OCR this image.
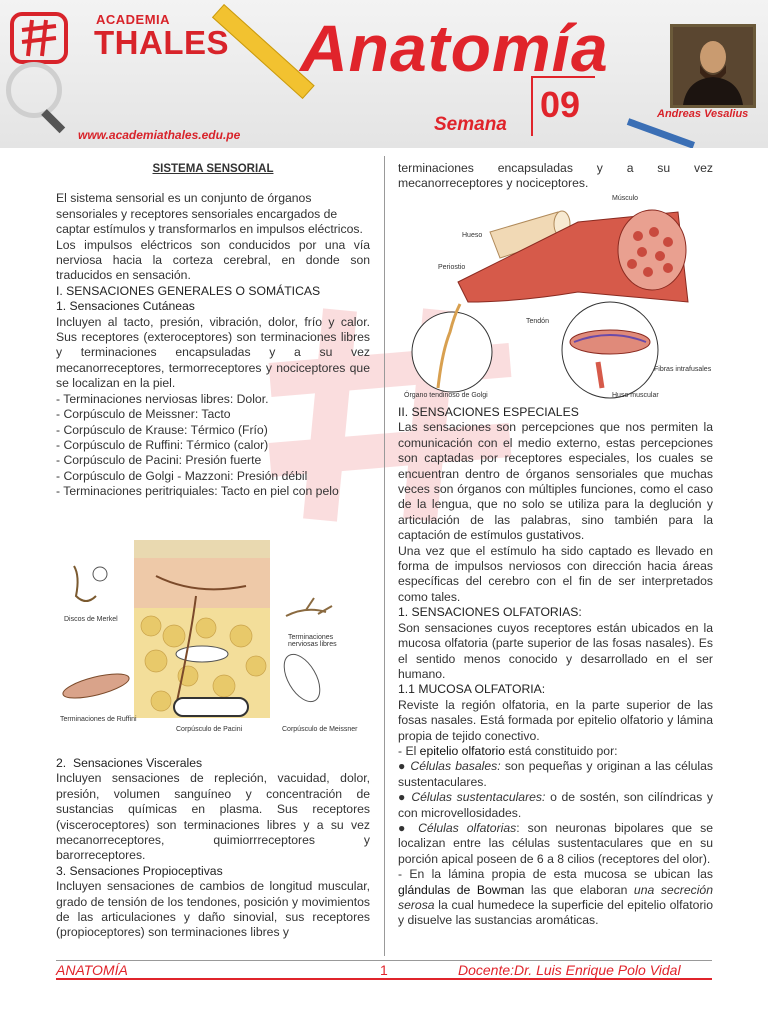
ACADEMIA
THALES Anatomía
09
Semana
www.academiathales.edu.pe
Andreas Vesalius

SISTEMA SENSORIAL

El sistema sensorial es un conjunto de órganos sensoriales y receptores sensoriales encargados de captar estímulos y transformarlos en impulsos eléctricos.

Los impulsos eléctricos son conducidos por una vía nerviosa hacia la corteza cerebral, en donde son traducidos en sensación.

I. SENSACIONES GENERALES O SOMÁTICAS

1. Sensaciones Cutáneas

Incluyen al tacto, presión, vibración, dolor, frío y calor. Sus receptores (exteroceptores) son terminaciones libres y terminaciones encapsuladas y a su vez mecanorreceptores, termorreceptores y nociceptores que se localizan en la piel.

- Terminaciones nerviosas libres: Dolor.

- Corpúsculo de Meissner: Tacto

- Corpúsculo de Krause: Térmico (Frío)

- Corpúsculo de Ruffini: Térmico (calor)

- Corpúsculo de Pacini: Presión fuerte

- Corpúsculo de Golgi - Mazzoni: Presión débil

- Terminaciones peritriquiales: Tacto en piel con pelo

Discos de Merkel
Terminaciones nerviosas libres
Terminaciones de Ruffini
Corpúsculo de Pacini	Corpúsculo de Meissner

2. Sensaciones Viscerales

Incluyen sensaciones de repleción, vacuidad, dolor, presión, volumen sanguíneo y concentración de sustancias químicas en plasma. Sus receptores (visceroceptores) son terminaciones libres y a su vez mecanorreceptores, quimiorrreceptores y barorreceptores.

3. Sensaciones Propioceptivas

Incluyen sensaciones de cambios de longitud muscular, grado de tensión de los tendones, posición y movimientos de las articulaciones y daño sinovial, sus receptores (propioceptores) son terminaciones libres y

terminaciones encapsuladas y a su vez mecanorreceptores y nociceptores.

Músculo
Hueso
Periostio
Tendón
Órgano tendinoso de Golgi	Huso muscular
Fibras intrafusales

II. SENSACIONES ESPECIALES

Las sensaciones son percepciones que nos permiten la comunicación con el medio externo, estas percepciones son captadas por receptores especiales, los cuales se encuentran dentro de órganos sensoriales que muchas veces son órganos con múltiples funciones, como el caso de la lengua, que no solo se utiliza para la deglución y articulación de las palabras, sino también para la captación de estímulos gustativos.

Una vez que el estímulo ha sido captado es llevado en forma de impulsos nerviosos con dirección hacia áreas específicas del cerebro con el fin de ser interpretados como tales.

1. SENSACIONES OLFATORIAS:

Son sensaciones cuyos receptores están ubicados en la mucosa olfatoria (parte superior de las fosas nasales). Es el sentido menos conocido y desarrollado en el ser humano.

1.1 MUCOSA OLFATORIA:

Reviste la región olfatoria, en la parte superior de las fosas nasales. Está formada por epitelio olfatorio y lámina propia de tejido conectivo.

- El epitelio olfatorio está constituido por:

● Células basales: son pequeñas y originan a las células sustentaculares.

● Células sustentaculares: o de sostén, son cilíndricas y con microvellosidades.

● Células olfatorias: son neuronas bipolares que se localizan entre las células sustentaculares que en su porción apical poseen de 6 a 8 cilios (receptores del olor).

- En la lámina propia de esta mucosa se ubican las glándulas de Bowman las que elaboran una secreción serosa la cual humedece la superficie del epitelio olfatorio y disuelve las sustancias aromáticas.

ANATOMÍA	1	Docente:Dr. Luis Enrique Polo Vidal
